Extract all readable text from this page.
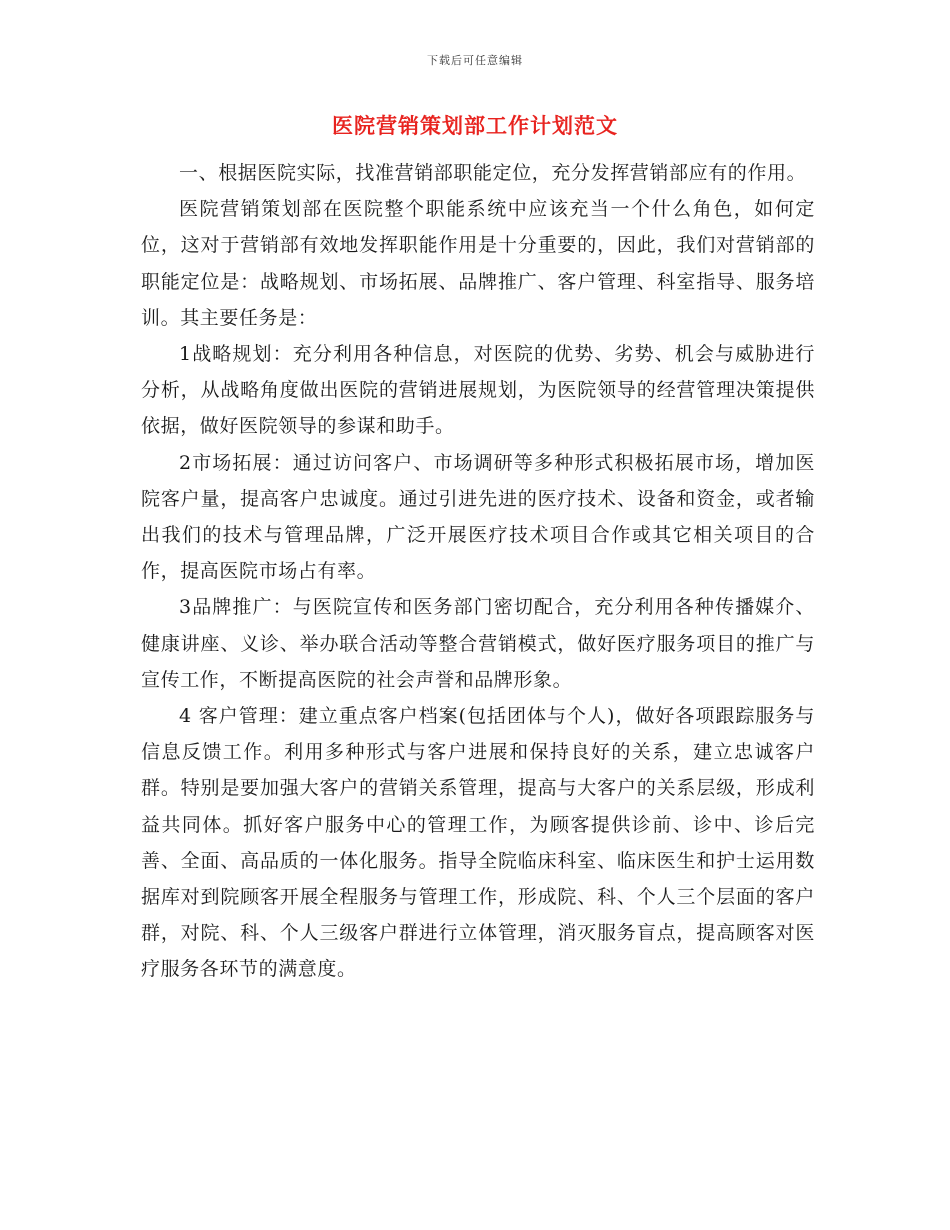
下载后可任意编辑
医院营销策划部工作计划范文

一、根据医院实际，找准营销部职能定位，充分发挥营销部应有的作用。

医院营销策划部在医院整个职能系统中应该充当一个什么角色，如何定位，这对于营销部有效地发挥职能作用是十分重要的，因此，我们对营销部的职能定位是：战略规划、市场拓展、品牌推广、客户管理、科室指导、服务培训。其主要任务是：

1战略规划：充分利用各种信息，对医院的优势、劣势、机会与威胁进行分析，从战略角度做出医院的营销进展规划，为医院领导的经营管理决策提供依据，做好医院领导的参谋和助手。

2市场拓展：通过访问客户、市场调研等多种形式积极拓展市场，增加医院客户量，提高客户忠诚度。通过引进先进的医疗技术、设备和资金，或者输出我们的技术与管理品牌，广泛开展医疗技术项目合作或其它相关项目的合作，提高医院市场占有率。

3品牌推广：与医院宣传和医务部门密切配合，充分利用各种传播媒介、健康讲座、义诊、举办联合活动等整合营销模式，做好医疗服务项目的推广与宣传工作，不断提高医院的社会声誉和品牌形象。

4 客户管理：建立重点客户档案(包括团体与个人)，做好各项跟踪服务与信息反馈工作。利用多种形式与客户进展和保持良好的关系，建立忠诚客户群。特别是要加强大客户的营销关系管理，提高与大客户的关系层级，形成利益共同体。抓好客户服务中心的管理工作，为顾客提供诊前、诊中、诊后完善、全面、高品质的一体化服务。指导全院临床科室、临床医生和护士运用数据库对到院顾客开展全程服务与管理工作，形成院、科、个人三个层面的客户群，对院、科、个人三级客户群进行立体管理，消灭服务盲点，提高顾客对医疗服务各环节的满意度。
